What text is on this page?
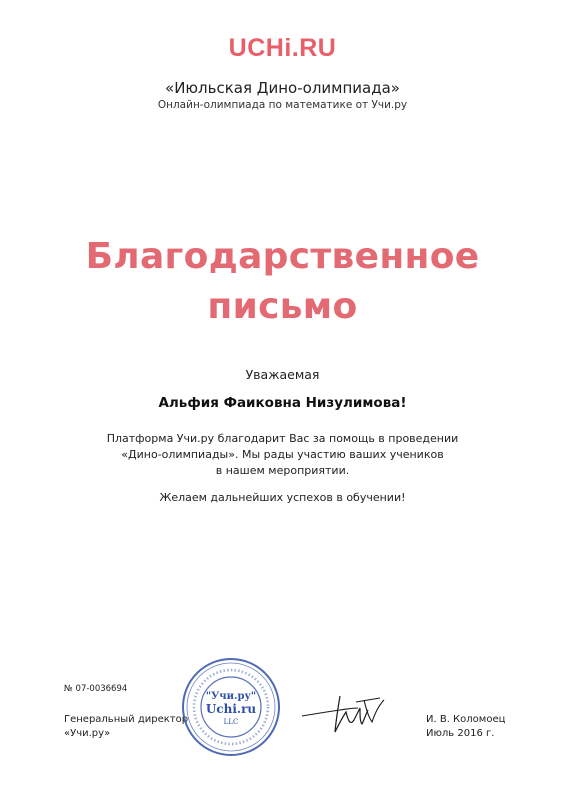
UCHi.RU
«Июльская Дино-олимпиада»
Онлайн-олимпиада по математике от Учи.ру
Благодарственное
письмо
Уважаемая
Альфия Фаиковна Низулимова!
Платформа Учи.ру благодарит Вас за помощь в проведении
«Дино-олимпиады». Мы рады участию ваших учеников
в нашем мероприятии.
Желаем дальнейших успехов в обучении!
№ 07-0036694
Генеральный директор
«Учи.ру»
И. В. Коломоец
Июль 2016 г.
"Учи.ру"
Uchi.ru
LLC
